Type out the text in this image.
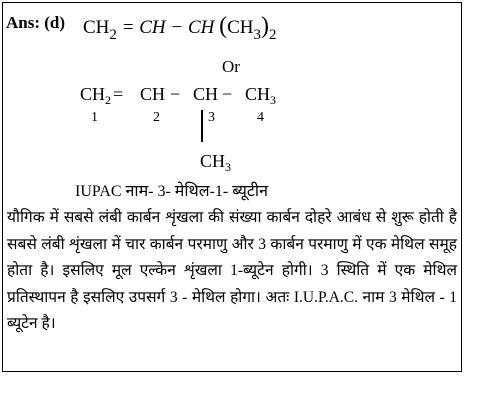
Ans: (d) $CH_2$ = CH − CH $(CH_3)_2$
Or
$CH_2$ = CH − CH − $CH_3$
1	2	3	4
$CH_3$
IUPAC नाम- 3- मेथिल-1- ब्यूटीन
यौगिक में सबसे लंबी कार्बन शृंखला की संख्या कार्बन दोहरे आबंध से शुरू होती है सबसे लंबी शृंखला में चार कार्बन परमाणु और 3 कार्बन परमाणु में एक मेथिल समूह होता है। इसलिए मूल एल्केन शृंखला 1-ब्यूटेन होगी। 3 स्थिति में एक मेथिल प्रतिस्थापन है इसलिए उपसर्ग 3 - मेथिल होगा। अतः I.U.P.A.C. नाम 3 मेथिल - 1 ब्यूटेन है।
